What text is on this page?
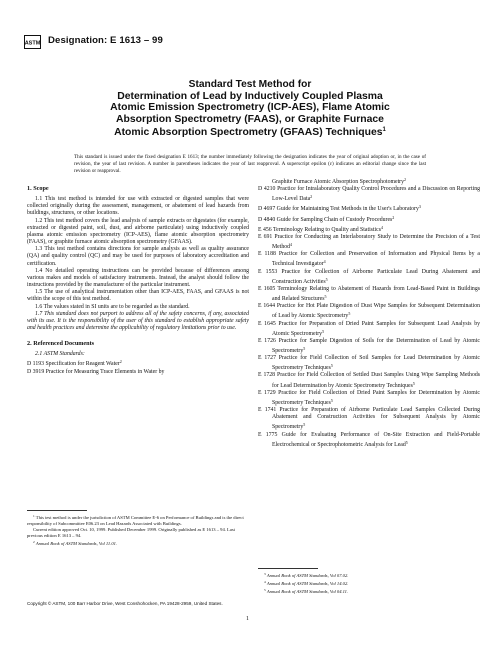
ASTM Designation: E 1613 – 99
Standard Test Method for
Determination of Lead by Inductively Coupled Plasma
Atomic Emission Spectrometry (ICP-AES), Flame Atomic
Absorption Spectrometry (FAAS), or Graphite Furnace
Atomic Absorption Spectrometry (GFAAS) Techniques$^1$
This standard is issued under the fixed designation E 1613; the number immediately following the designation indicates the year of original adoption or, in the case of revision, the year of last revision. A number in parentheses indicates the year of last reapproval. A superscript epsilon (ε) indicates an editorial change since the last revision or reapproval.

1. Scope

1.1 This test method is intended for use with extracted or digested samples that were collected originally during the assessment, management, or abatement of lead hazards from buildings, structures, or other locations.

1.2 This test method covers the lead analysis of sample extracts or digestates (for example, extracted or digested paint, soil, dust, and airborne particulate) using inductively coupled plasma atomic emission spectrometry (ICP-AES), flame atomic absorption spectrometry (FAAS), or graphite furnace atomic absorption spectrometry (GFAAS).

1.3 This test method contains directions for sample analysis as well as quality assurance (QA) and quality control (QC) and may be used for purposes of laboratory accreditation and certification.

1.4 No detailed operating instructions can be provided because of differences among various makes and models of satisfactory instruments. Instead, the analyst should follow the instructions provided by the manufacturer of the particular instrument.

1.5 The use of analytical instrumentation other than ICP-AES, FAAS, and GFAAS is not within the scope of this test method.

1.6 The values stated in SI units are to be regarded as the standard.

1.7 This standard does not purport to address all of the safety concerns, if any, associated with its use. It is the responsibility of the user of this standard to establish appropriate safety and health practices and determine the applicability of regulatory limitations prior to use.

2. Referenced Documents

2.1 ASTM Standards:

D 1193 Specification for Reagent Water$^2$

D 3919 Practice for Measuring Trace Elements in Water by

Graphite Furnace Atomic Absorption Spectrophotometry$^2$

D 4210 Practice for Intralaboratory Quality Control Procedures and a Discussion on Reporting Low-Level Data$^2$

D 4697 Guide for Maintaining Test Methods in the User's Laboratory$^3$

D 4840 Guide for Sampling Chain of Custody Procedures$^2$

E 456 Terminology Relating to Quality and Statistics$^4$

E 691 Practice for Conducting an Interlaboratory Study to Determine the Precision of a Test Method$^4$

E 1188 Practice for Collection and Preservation of Information and Physical Items by a Technical Investigator$^4$

E 1553 Practice for Collection of Airborne Particulate Lead During Abatement and Construction Activities$^5$

E 1605 Terminology Relating to Abatement of Hazards from Lead-Based Paint in Buildings and Related Structures$^5$

E 1644 Practice for Hot Plate Digestion of Dust Wipe Samples for Subsequent Determination of Lead by Atomic Spectrometry$^5$

E 1645 Practice for Preparation of Dried Paint Samples for Subsequent Lead Analysis by Atomic Spectrometry$^5$

E 1726 Practice for Sample Digestion of Soils for the Determination of Lead by Atomic Spectrometry$^5$

E 1727 Practice for Field Collection of Soil Samples for Lead Determination by Atomic Spectrometry Techniques$^5$

E 1728 Practice for Field Collection of Settled Dust Samples Using Wipe Sampling Methods for Lead Determination by Atomic Spectrometry Techniques$^5$

E 1729 Practice for Field Collection of Dried Paint Samples for Determination by Atomic Spectrometry Techniques$^5$

E 1741 Practice for Preparation of Airborne Particulate Lead Samples Collected During Abatement and Construction Activities for Subsequent Analysis by Atomic Spectrometry$^5$

E 1775 Guide for Evaluating Performance of On-Site Extraction and Field-Portable Electrochemical or Spectrophotometric Analysis for Lead$^5$

$^1$ This test method is under the jurisdiction of ASTM Committee E-6 on Performance of Buildings and is the direct responsibility of Subcommittee E06.23 on Lead Hazards Associated with Buildings.

Current edition approved Oct. 10, 1999. Published December 1999. Originally published as E 1613 – 94. Last previous edition E 1613 – 94.

$^2$ Annual Book of ASTM Standards, Vol 11.01.

$^3$ Annual Book of ASTM Standards, Vol 07.02.

$^4$ Annual Book of ASTM Standards, Vol 14.02.

$^5$ Annual Book of ASTM Standards, Vol 04.11.

Copyright © ASTM, 100 Barr Harbor Drive, West Conshohocken, PA 19428-2959, United States.
1
